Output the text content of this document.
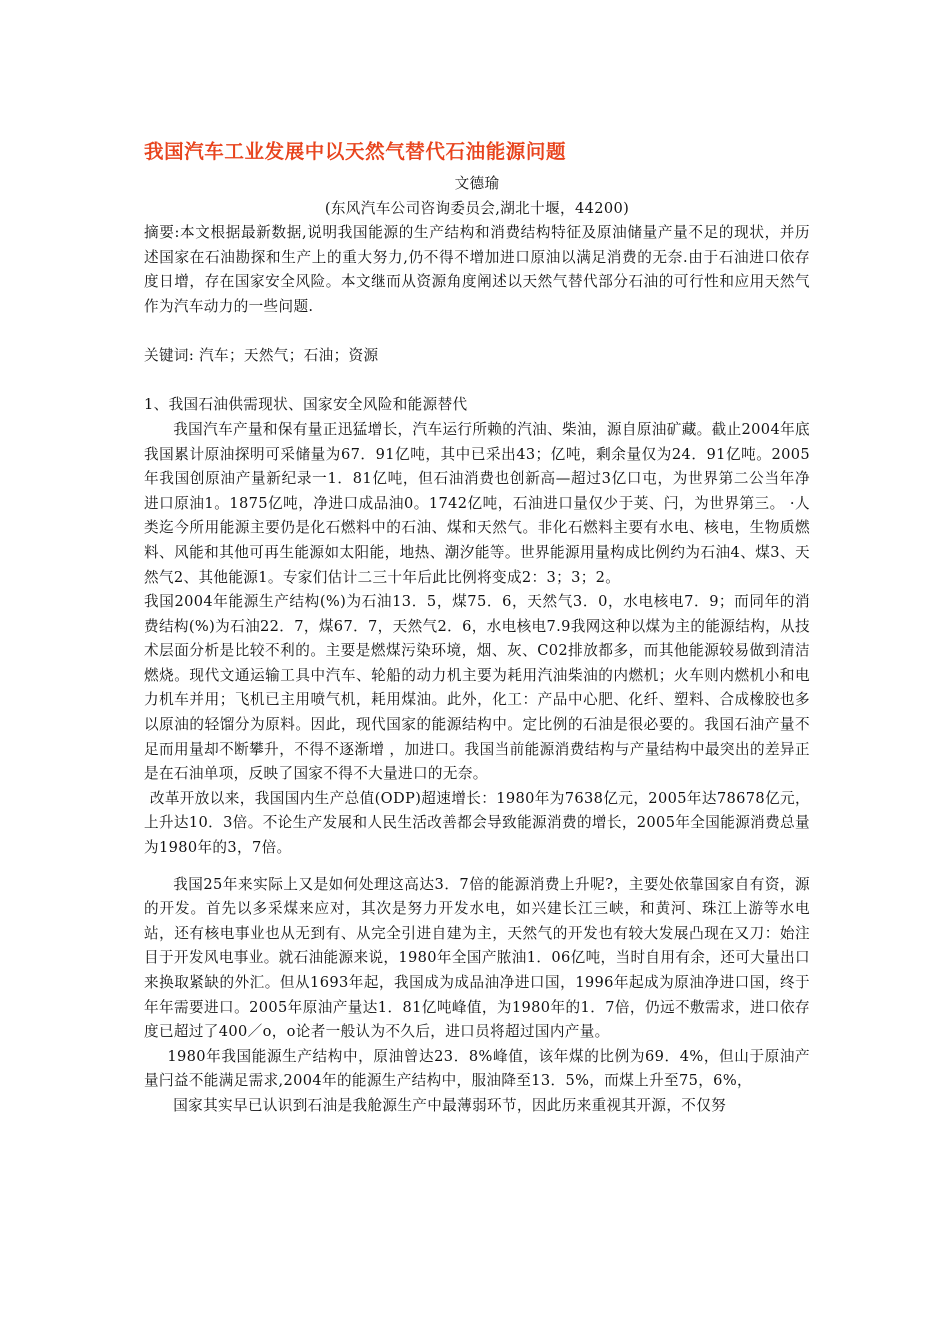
我国汽车工业发展中以天然气替代石油能源问题

文德瑜

(东风汽车公司咨询委员会,湖北十堰，44200)

摘要:本文根据最新数据,说明我国能源的生产结构和消费结构特征及原油储量产量不足的现状，并历述国家在石油勘探和生产上的重大努力,仍不得不增加进口原油以满足消费的无奈.由于石油进口依存度日增，存在国家安全风险。本文继而从资源角度阐述以天然气替代部分石油的可行性和应用天然气作为汽车动力的一些问题.

关键词: 汽车；天然气；石油；资源

1、我国石油供需现状、国家安全风险和能源替代

我国汽车产量和保有量正迅猛增长，汽车运行所赖的汽油、柴油，源自原油矿藏。截止2004年底我国累计原油探明可采储量为67．91亿吨，其中已采出43；亿吨，剩余量仅为24．91亿吨。2005年我国创原油产量新纪录一1．81亿吨，但石油消费也创新高—超过3亿口屯，为世界第二公当年净进口原油1。1875亿吨，净进口成品油0。1742亿吨，石油进口量仅少于荚、闩，为世界第三。 ·人类迄今所用能源主要仍是化石燃料中的石油、煤和天然气。非化石燃料主要有水电、核电，生物质燃料、风能和其他可再生能源如太阳能，地热、潮汐能等。世界能源用量构成比例约为石油4、煤3、天然气2、其他能源1。专家们估计二三十年后此比例将变成2：3；3；2。

我国2004年能源生产结构(%)为石油13．5，煤75．6，天然气3．0，水电核电7．9；而同年的消费结构(%)为石油22．7，煤67．7，天然气2．6，水电核电7.9我网这种以煤为主的能源结构，从技术层面分析是比较不利的。主要是燃煤污染环境，烟、灰、C02排放都多，而其他能源较易做到清洁燃烧。现代文通运输工具中汽车、轮船的动力机主要为耗用汽油柴油的内燃机；火车则内燃机小和电力机车并用；飞机已主用喷气机，耗用煤油。此外，化工：产品中心肥、化纤、塑料、合成橡胶也多以原油的轻馏分为原料。因此，现代国家的能源结构中。定比例的石油是很必要的。我国石油产量不足而用量却不断攀升，不得不逐渐增 ，加进口。我国当前能源消费结构与产量结构中最突出的差异正是在石油单项，反映了国家不得不大量进口的无奈。

改革开放以来，我国国内生产总值(ODP)超速增长：1980年为7638亿元，2005年达78678亿元，上升达10．3倍。不论生产发展和人民生活改善都会导致能源消费的增长，2005年全国能源消费总量为1980年的3，7倍。

我国25年来实际上又是如何处理这高达3．7倍的能源消费上升呢?，主要处依靠国家自有资，源的开发。首先以多采煤来应对，其次是努力开发水电，如兴建长江三峡，和黄河、珠江上游等水电站，还有核电事业也从无到有、从完全引进自建为主，天然气的开发也有较大发展凸现在又刀：始注目于开发风电事业。就石油能源来说，1980年全国产脓油1．06亿吨，当时自用有余，还可大量出口来换取紧缺的外汇。但从1693年起，我国成为成品油净进口国，1996年起成为原油净进口国，终于年年需要进口。2005年原油产量达1．81亿吨峰值，为1980年的1．7倍，仍远不敷需求，进口依存度已超过了400／o，o论者一般认为不久后，进口员将超过国内产量。

1980年我国能源生产结构中，原油曾达23．8%峰值，该年煤的比例为69．4%，但山于原油产量闩益不能满足需求,2004年的能源生产结构中，服油降至13．5%，而煤上升至75，6%，

国家其实早已认识到石油是我舱源生产中最薄弱环节，因此历来重视其开源，不仅努
